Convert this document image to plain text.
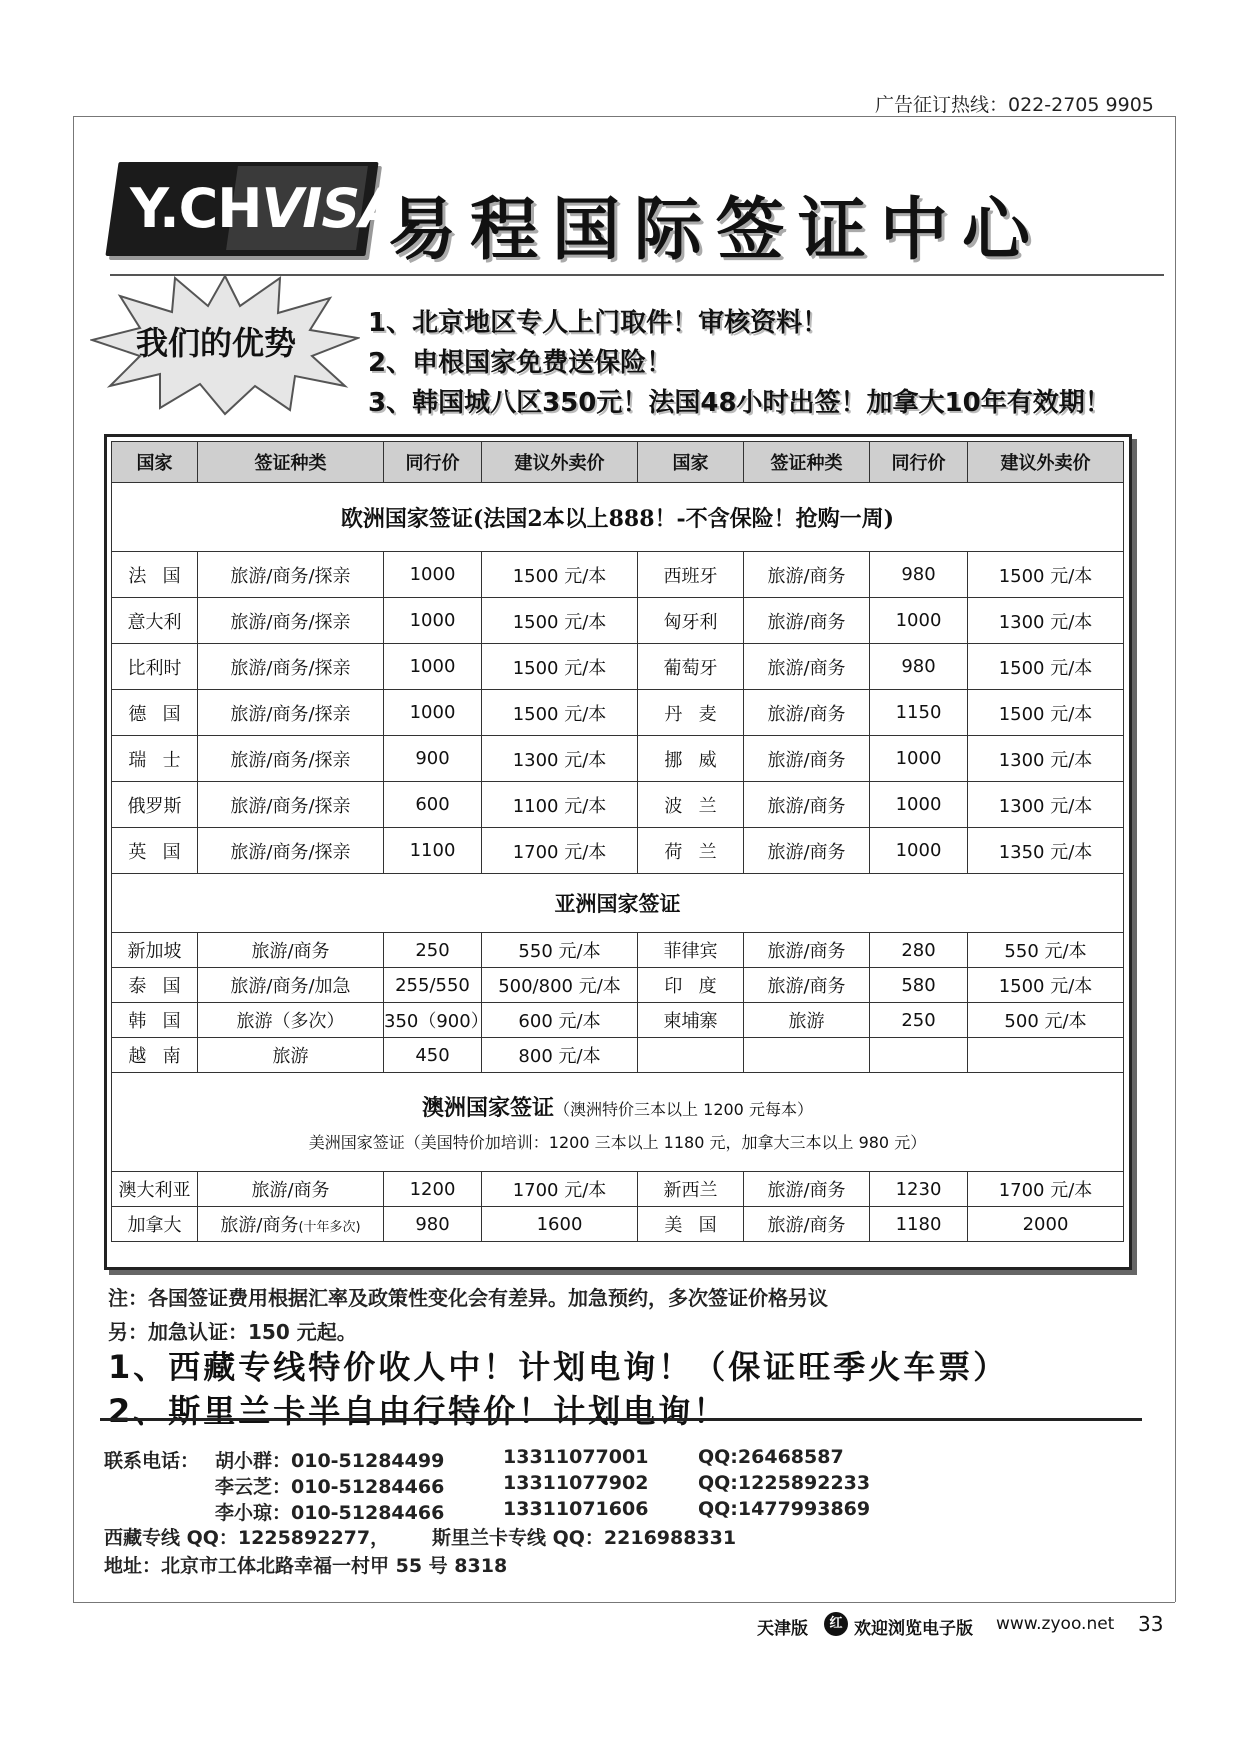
广告征订热线：022-2705 9905
Y.CHVISA
易程国际签证中心
我们的优势
1、北京地区专人上门取件！审核资料！
2、申根国家免费送保险！
3、韩国城八区350元！法国48小时出签！加拿大10年有效期！
国家	签证种类	同行价	建议外卖价	国家	签证种类	同行价	建议外卖价
欧洲国家签证(法国2本以上888！-不含保险！抢购一周)							
法国	旅游/商务/探亲	1000	1500 元/本	西班牙	旅游/商务	980	1500 元/本
意大利	旅游/商务/探亲	1000	1500 元/本	匈牙利	旅游/商务	1000	1300 元/本
比利时	旅游/商务/探亲	1000	1500 元/本	葡萄牙	旅游/商务	980	1500 元/本
德国	旅游/商务/探亲	1000	1500 元/本	丹麦	旅游/商务	1150	1500 元/本
瑞士	旅游/商务/探亲	900	1300 元/本	挪威	旅游/商务	1000	1300 元/本
俄罗斯	旅游/商务/探亲	600	1100 元/本	波兰	旅游/商务	1000	1300 元/本
英国	旅游/商务/探亲	1100	1700 元/本	荷兰	旅游/商务	1000	1350 元/本
亚洲国家签证							
新加坡	旅游/商务	250	550 元/本	菲律宾	旅游/商务	280	550 元/本
泰国	旅游/商务/加急	255/550	500/800 元/本	印度	旅游/商务	580	1500 元/本
韩国	旅游（多次）	350（900）	600 元/本	柬埔寨	旅游	250	500 元/本
越南	旅游	450	800 元/本				

澳洲国家签证（澳洲特价三本以上 1200 元每本）
美洲国家签证（美国特价加培训：1200 三本以上 1180 元，加拿大三本以上 980 元）							

澳大利亚	旅游/商务	1200	1700 元/本	新西兰	旅游/商务	1230	1700 元/本
加拿大	旅游/商务(十年多次)	980	1600	美国	旅游/商务	1180	2000
注：各国签证费用根据汇率及政策性变化会有差异。加急预约，多次签证价格另议
另：加急认证：150 元起。
1、西藏专线特价收人中！计划电询！（保证旺季火车票）
2、斯里兰卡半自由行特价！计划电询！
联系电话： 胡小群：010-51284499	13311077001	QQ:26468587
李云芝：010-51284466	13311077902	QQ:1225892233
李小琼：010-51284466	13311071606	QQ:1477993869
西藏专线 QQ：1225892277， 斯里兰卡专线 QQ：2216988331
地址：北京市工体北路幸福一村甲 55 号 8318
天津版	红 欢迎浏览电子版 www.zyoo.net 33
